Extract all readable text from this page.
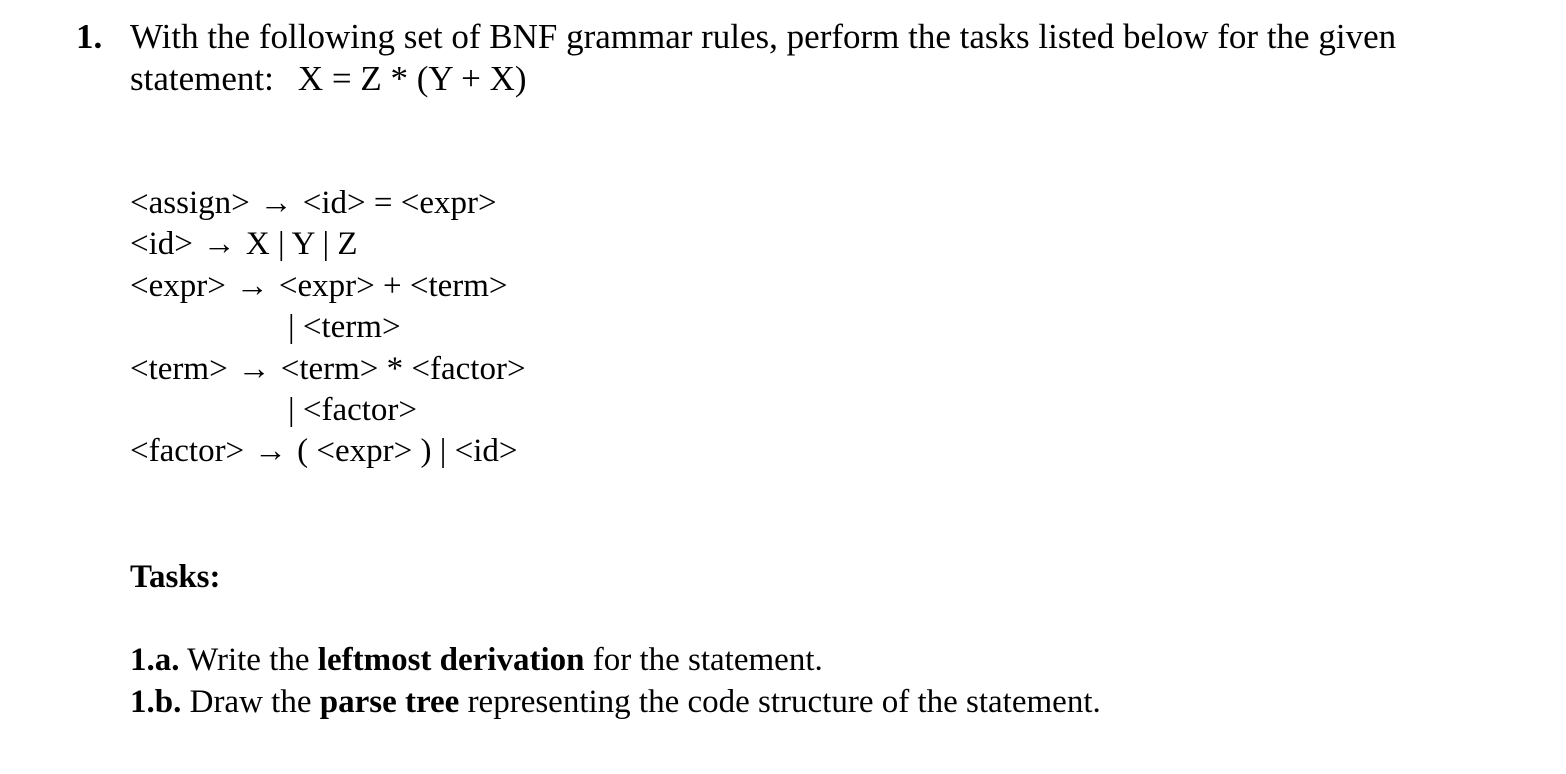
1. With the following set of BNF grammar rules, perform the tasks listed below for the given
statement: X = Z * (Y + X)
<assign> → <id> = <expr>
<id> → X | Y | Z
<expr> → <expr> + <term>
| <term>
<term> → <term> * <factor>
| <factor>
<factor> → ( <expr> ) | <id>
Tasks:
1.a. Write the leftmost derivation for the statement.
1.b. Draw the parse tree representing the code structure of the statement.
